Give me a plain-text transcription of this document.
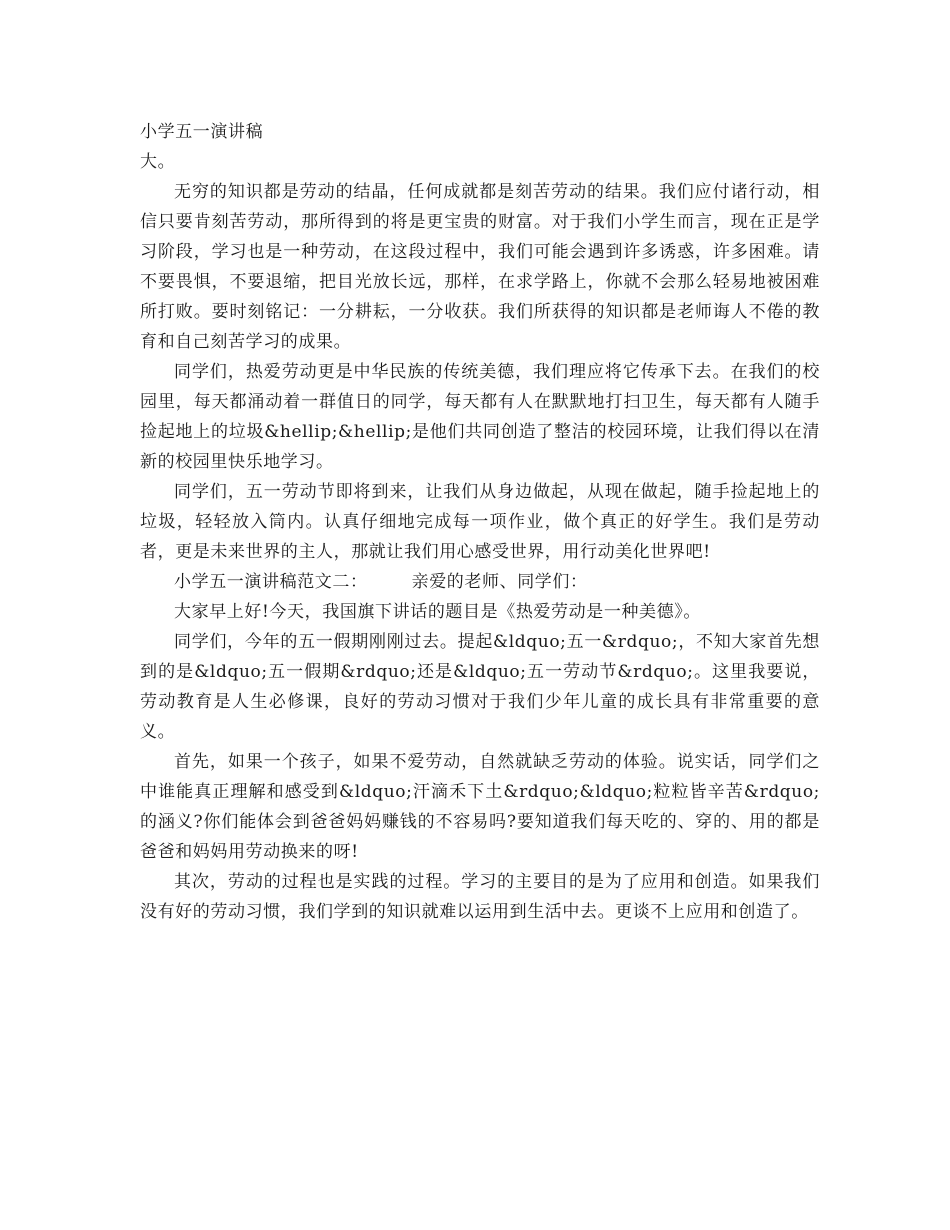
小学五一演讲稿

大。

无穷的知识都是劳动的结晶，任何成就都是刻苦劳动的结果。我们应付诸行动，相信只要肯刻苦劳动，那所得到的将是更宝贵的财富。对于我们小学生而言，现在正是学习阶段，学习也是一种劳动，在这段过程中，我们可能会遇到许多诱惑，许多困难。请不要畏惧，不要退缩，把目光放长远，那样，在求学路上，你就不会那么轻易地被困难所打败。要时刻铭记：一分耕耘，一分收获。我们所获得的知识都是老师诲人不倦的教育和自己刻苦学习的成果。

同学们，热爱劳动更是中华民族的传统美德，我们理应将它传承下去。在我们的校园里，每天都涌动着一群值日的同学，每天都有人在默默地打扫卫生，每天都有人随手捡起地上的垃圾&hellip;&hellip;是他们共同创造了整洁的校园环境，让我们得以在清新的校园里快乐地学习。

同学们，五一劳动节即将到来，让我们从身边做起，从现在做起，随手捡起地上的垃圾，轻轻放入筒内。认真仔细地完成每一项作业，做个真正的好学生。我们是劳动者，更是未来世界的主人，那就让我们用心感受世界，用行动美化世界吧!

小学五一演讲稿范文二：	亲爱的老师、同学们：

大家早上好!今天，我国旗下讲话的题目是《热爱劳动是一种美德》。

同学们，今年的五一假期刚刚过去。提起&ldquo;五一&rdquo;，不知大家首先想到的是&ldquo;五一假期&rdquo;还是&ldquo;五一劳动节&rdquo;。这里我要说，劳动教育是人生必修课，良好的劳动习惯对于我们少年儿童的成长具有非常重要的意义。

首先，如果一个孩子，如果不爱劳动，自然就缺乏劳动的体验。说实话，同学们之中谁能真正理解和感受到&ldquo;汗滴禾下土&rdquo;&ldquo;粒粒皆辛苦&rdquo;的涵义?你们能体会到爸爸妈妈赚钱的不容易吗?要知道我们每天吃的、穿的、用的都是爸爸和妈妈用劳动换来的呀!

其次，劳动的过程也是实践的过程。学习的主要目的是为了应用和创造。如果我们没有好的劳动习惯，我们学到的知识就难以运用到生活中去。更谈不上应用和创造了。
